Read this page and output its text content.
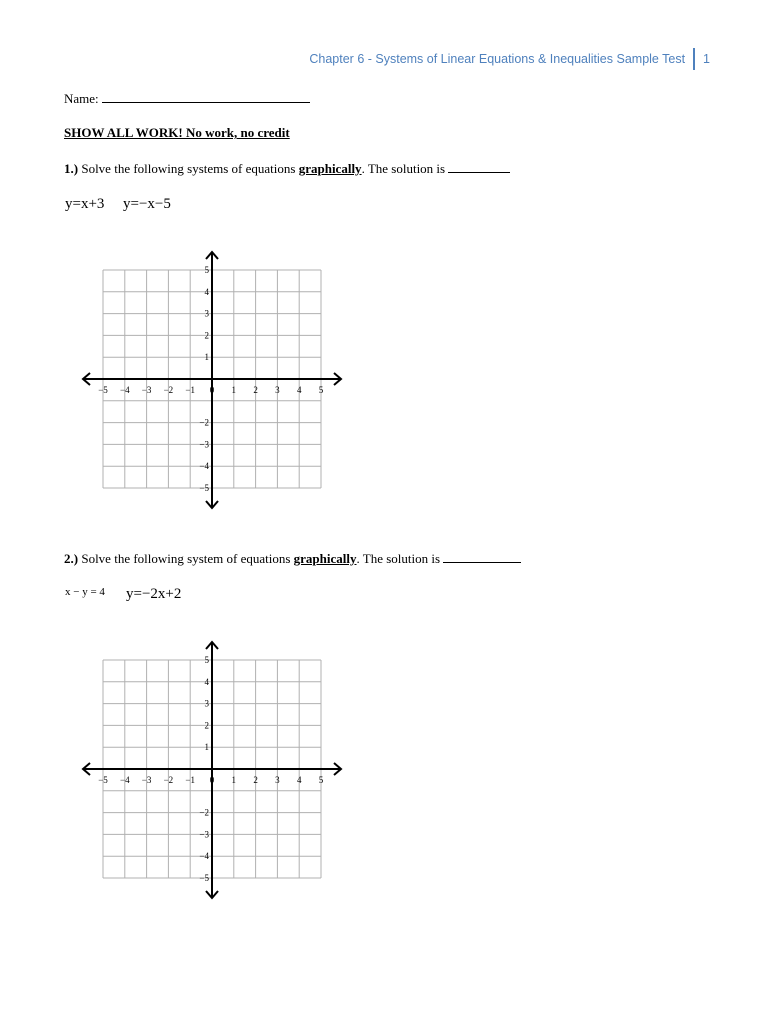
Chapter 6 - Systems of Linear Equations & Inequalities Sample Test 1
Name:
SHOW ALL WORK! No work, no credit
1.) Solve the following systems of equations graphically. The solution is
y=x+3 y=−x−5
−5 −4 −3 −2 −1 0 1 2 3 4 5
5
4
3
2
1
−2
−3
−4
−5
2.) Solve the following system of equations graphically. The solution is
x − y = 4 y=−2x+2
−5 −4 −3 −2 −1 0 1 2 3 4 5
5
4
3
2
1
−2
−3
−4
−5
